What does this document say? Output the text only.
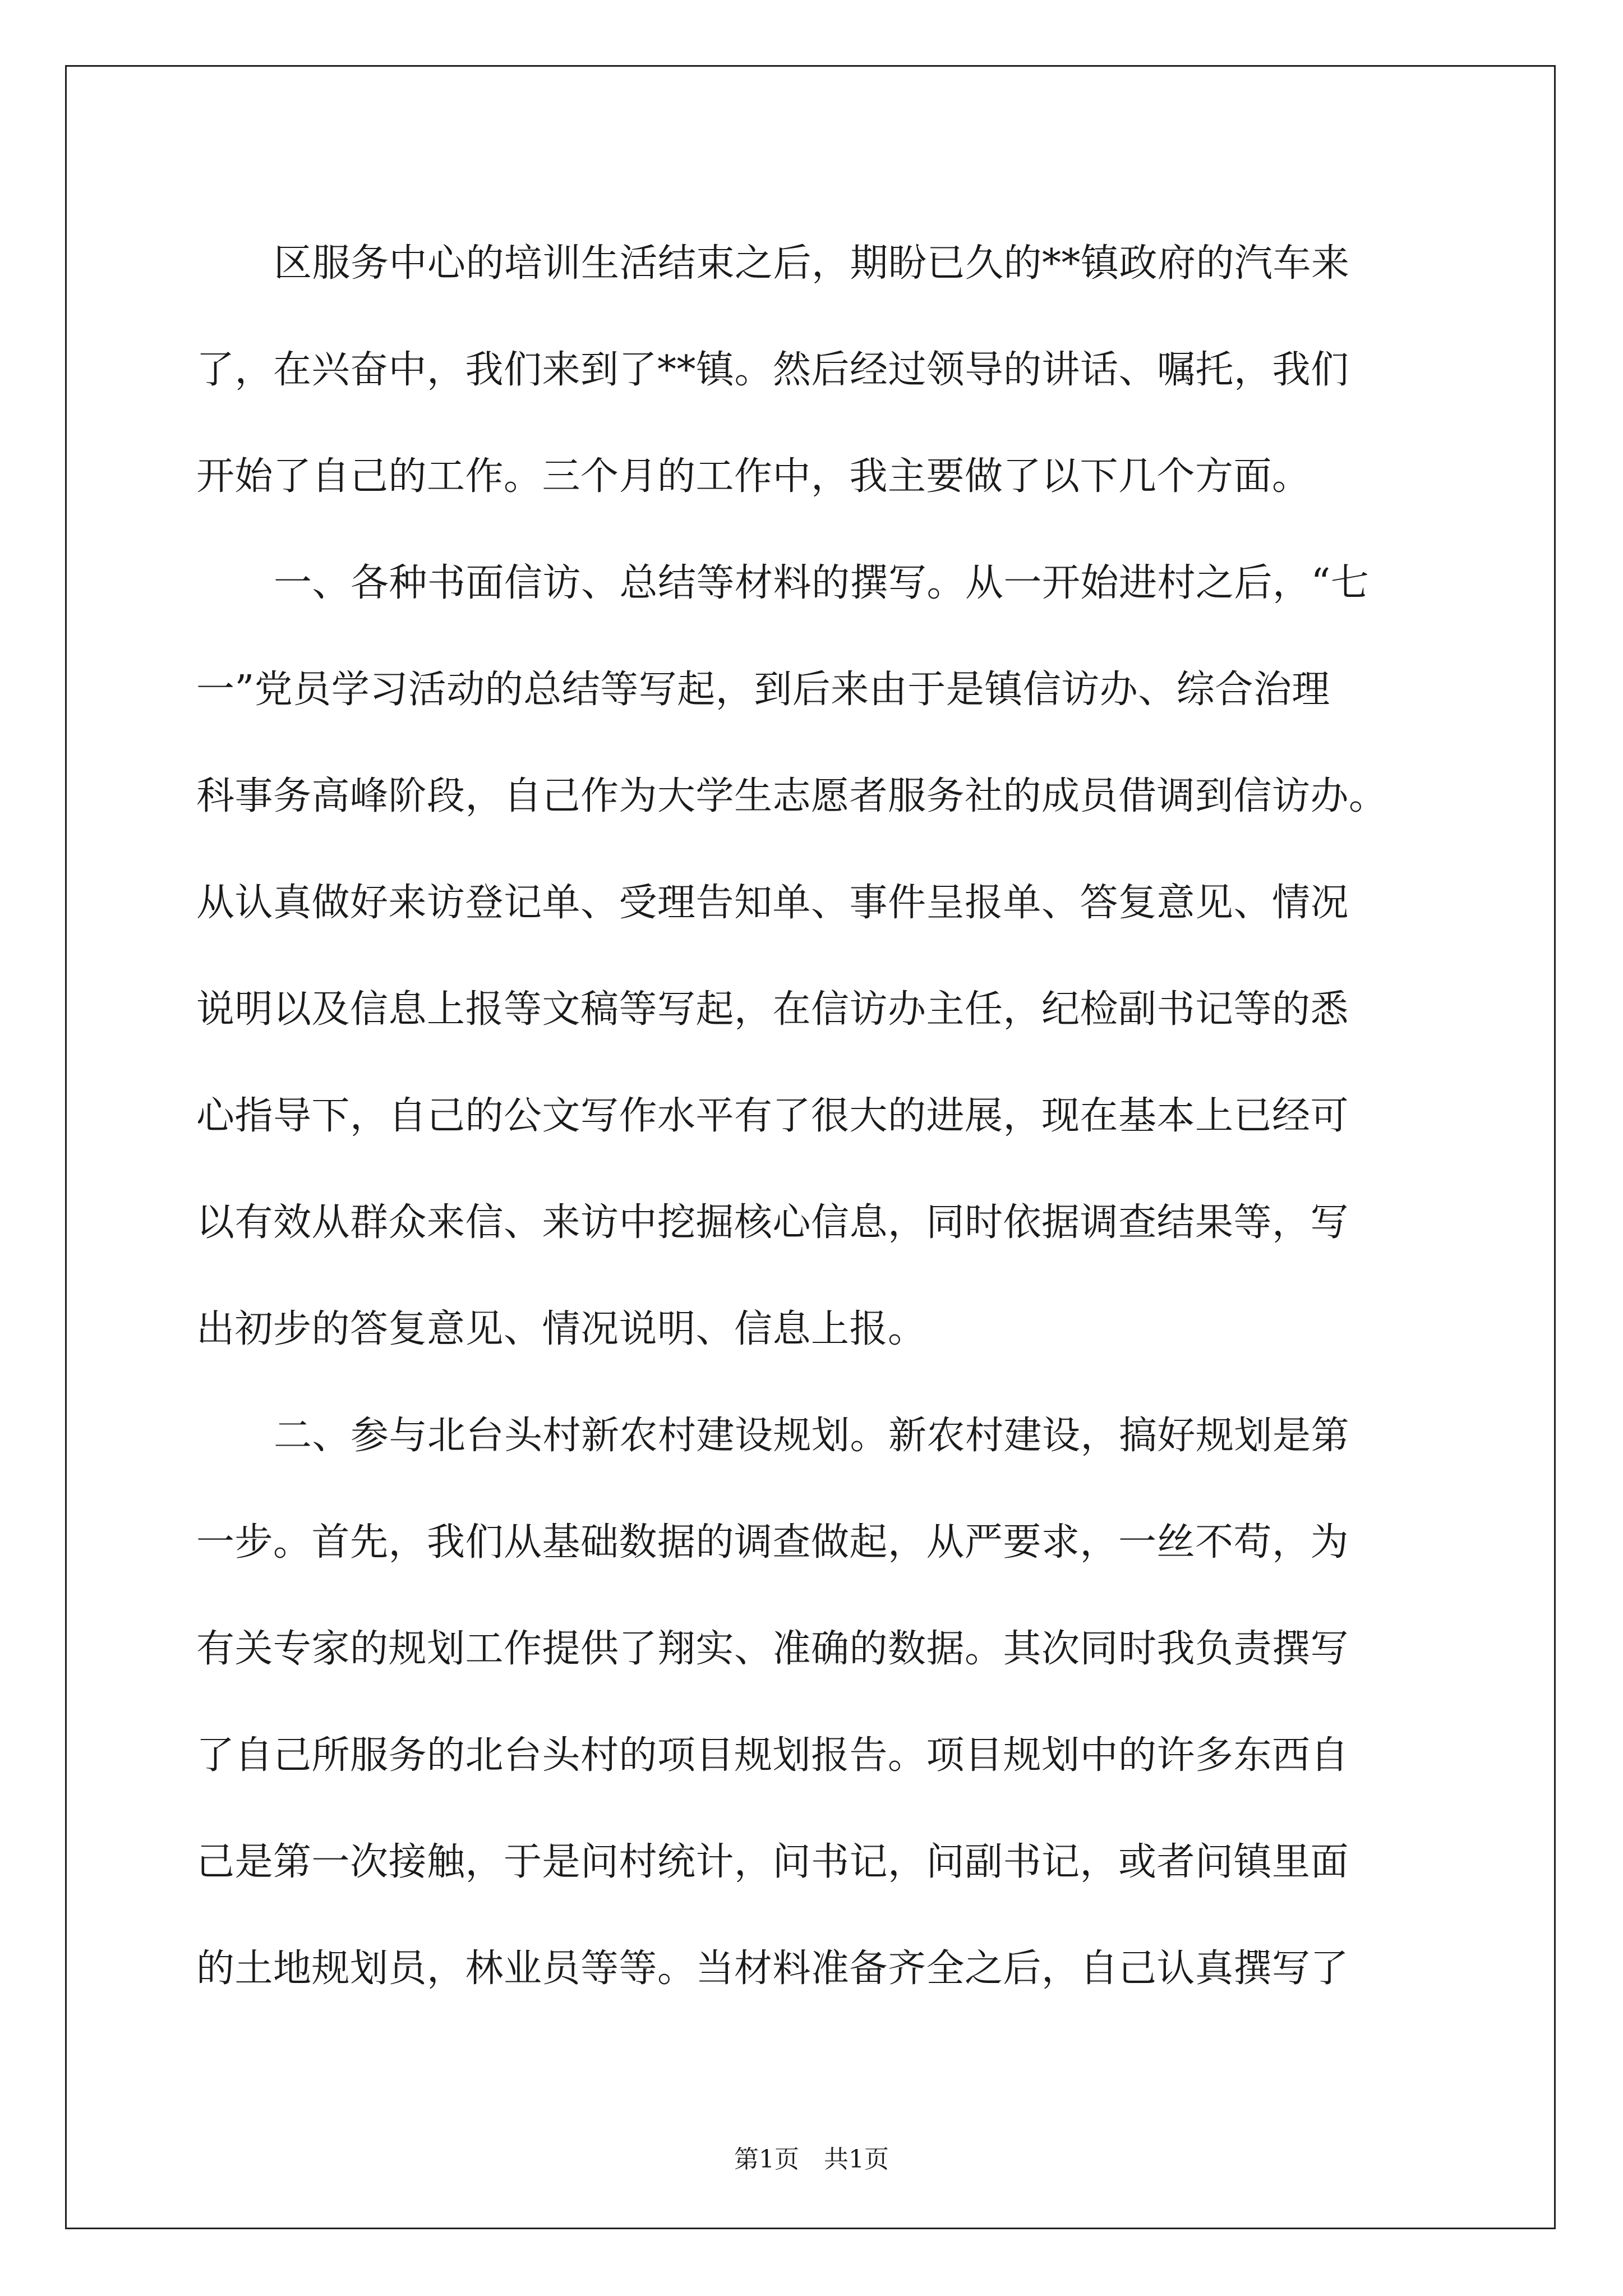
区服务中心的培训生活结束之后，期盼已久的**镇政府的汽车来
了，在兴奋中，我们来到了**镇。然后经过领导的讲话、嘱托，我们
开始了自己的工作。三个月的工作中，我主要做了以下几个方面。
一、各种书面信访、总结等材料的撰写。从一开始进村之后，“七
一”党员学习活动的总结等写起，到后来由于是镇信访办、综合治理
科事务高峰阶段，自己作为大学生志愿者服务社的成员借调到信访办。
从认真做好来访登记单、受理告知单、事件呈报单、答复意见、情况
说明以及信息上报等文稿等写起，在信访办主任，纪检副书记等的悉
心指导下，自己的公文写作水平有了很大的进展，现在基本上已经可
以有效从群众来信、来访中挖掘核心信息，同时依据调查结果等，写
出初步的答复意见、情况说明、信息上报。
二、参与北台头村新农村建设规划。新农村建设，搞好规划是第
一步。首先，我们从基础数据的调查做起，从严要求，一丝不苟，为
有关专家的规划工作提供了翔实、准确的数据。其次同时我负责撰写
了自己所服务的北台头村的项目规划报告。项目规划中的许多东西自
己是第一次接触，于是问村统计，问书记，问副书记，或者问镇里面
的土地规划员，林业员等等。当材料准备齐全之后，自己认真撰写了
第1页　共1页
